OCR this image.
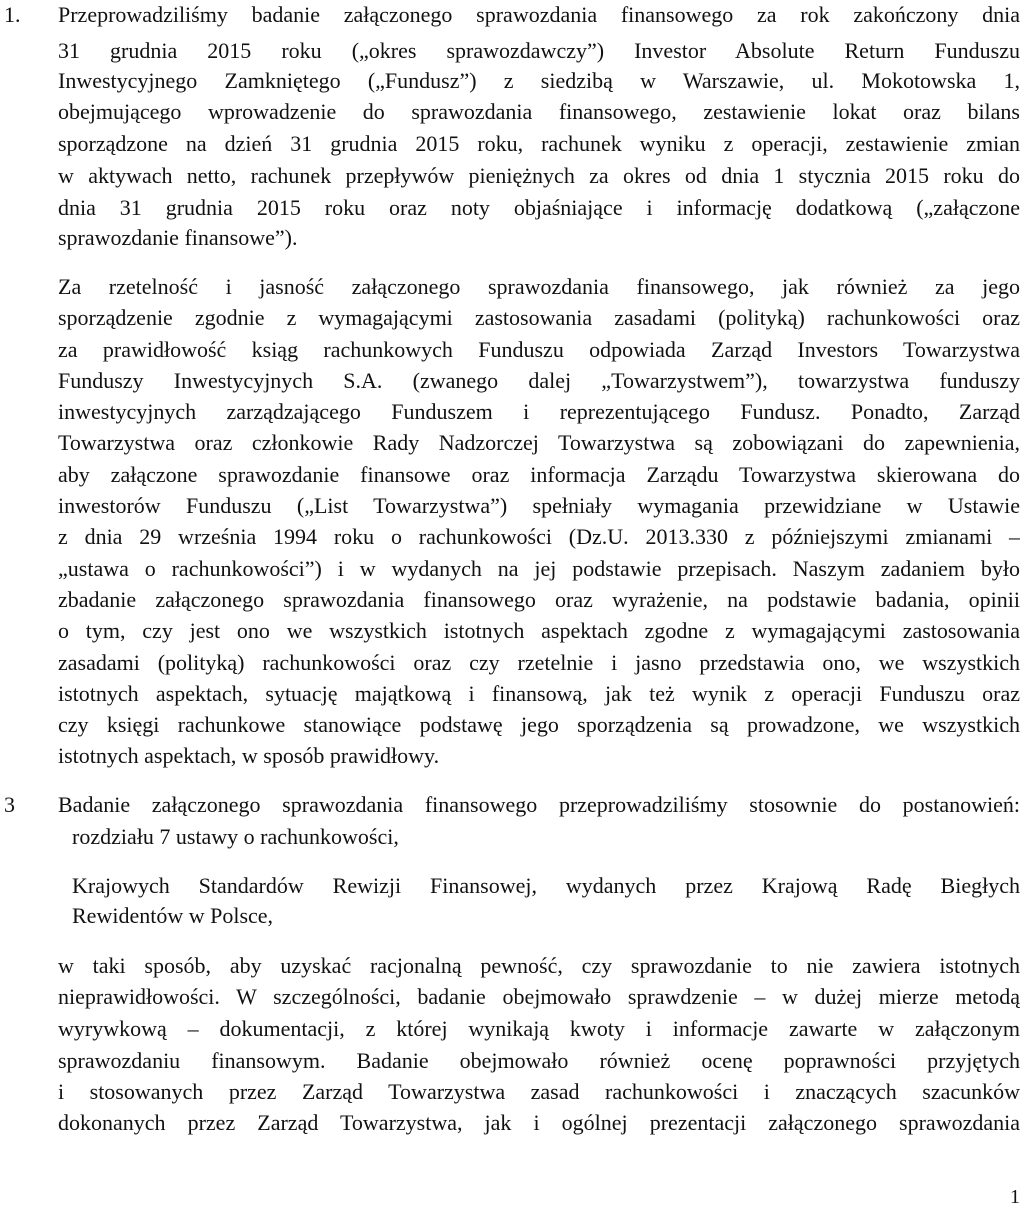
1. Przeprowadziliśmy badanie załączonego sprawozdania finansowego za rok zakończony dnia
31 grudnia 2015 roku („okres sprawozdawczy”) Investor Absolute Return Funduszu
Inwestycyjnego Zamkniętego („Fundusz”) z siedzibą w Warszawie, ul. Mokotowska 1,
obejmującego wprowadzenie do sprawozdania finansowego, zestawienie lokat oraz bilans
sporządzone na dzień 31 grudnia 2015 roku, rachunek wyniku z operacji, zestawienie zmian
w aktywach netto, rachunek przepływów pieniężnych za okres od dnia 1 stycznia 2015 roku do
dnia 31 grudnia 2015 roku oraz noty objaśniające i informację dodatkową („załączone
sprawozdanie finansowe”).
Za rzetelność i jasność załączonego sprawozdania finansowego, jak również za jego
sporządzenie zgodnie z wymagającymi zastosowania zasadami (polityką) rachunkowości oraz
za prawidłowość ksiąg rachunkowych Funduszu odpowiada Zarząd Investors Towarzystwa
Funduszy Inwestycyjnych S.A. (zwanego dalej „Towarzystwem”), towarzystwa funduszy
inwestycyjnych zarządzającego Funduszem i reprezentującego Fundusz. Ponadto, Zarząd
Towarzystwa oraz członkowie Rady Nadzorczej Towarzystwa są zobowiązani do zapewnienia,
aby załączone sprawozdanie finansowe oraz informacja Zarządu Towarzystwa skierowana do
inwestorów Funduszu („List Towarzystwa”) spełniały wymagania przewidziane w Ustawie
z dnia 29 września 1994 roku o rachunkowości (Dz.U. 2013.330 z późniejszymi zmianami –
„ustawa o rachunkowości”) i w wydanych na jej podstawie przepisach. Naszym zadaniem było
zbadanie załączonego sprawozdania finansowego oraz wyrażenie, na podstawie badania, opinii
o tym, czy jest ono we wszystkich istotnych aspektach zgodne z wymagającymi zastosowania
zasadami (polityką) rachunkowości oraz czy rzetelnie i jasno przedstawia ono, we wszystkich
istotnych aspektach, sytuację majątkową i finansową, jak też wynik z operacji Funduszu oraz
czy księgi rachunkowe stanowiące podstawę jego sporządzenia są prowadzone, we wszystkich
istotnych aspektach, w sposób prawidłowy.
3 Badanie załączonego sprawozdania finansowego przeprowadziliśmy stosownie do postanowień:
rozdziału 7 ustawy o rachunkowości,
Krajowych Standardów Rewizji Finansowej, wydanych przez Krajową Radę Biegłych
Rewidentów w Polsce,
w taki sposób, aby uzyskać racjonalną pewność, czy sprawozdanie to nie zawiera istotnych
nieprawidłowości. W szczególności, badanie obejmowało sprawdzenie – w dużej mierze metodą
wyrywkową – dokumentacji, z której wynikają kwoty i informacje zawarte w załączonym
sprawozdaniu finansowym. Badanie obejmowało również ocenę poprawności przyjętych
i stosowanych przez Zarząd Towarzystwa zasad rachunkowości i znaczących szacunków
dokonanych przez Zarząd Towarzystwa, jak i ogólnej prezentacji załączonego sprawozdania
1
